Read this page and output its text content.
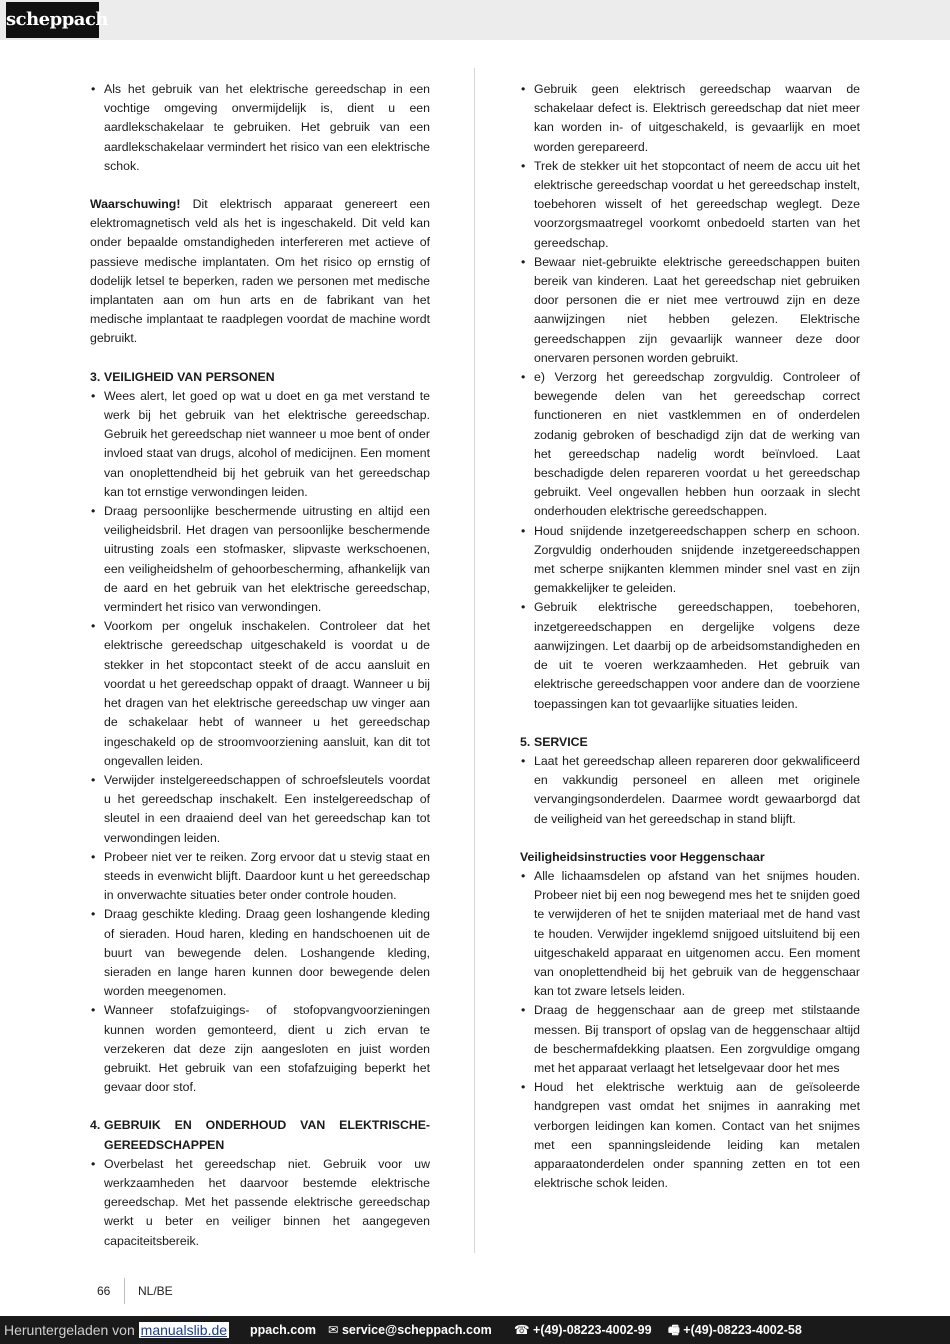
scheppach
• Als het gebruik van het elektrische gereedschap in een vochtige omgeving onvermijdelijk is, dient u een aardlekschakelaar te gebruiken. Het gebruik van een aardlekschakelaar vermindert het risico van een elektrische schok.

Waarschuwing! Dit elektrisch apparaat genereert een elektromagnetisch veld als het is ingeschakeld. Dit veld kan onder bepaalde omstandigheden interfereren met actieve of passieve medische implantaten. Om het risico op ernstig of dodelijk letsel te beperken, raden we personen met medische implantaten aan om hun arts en de fabrikant van het medische implantaat te raadplegen voordat de machine wordt gebruikt.

3. VEILIGHEID VAN PERSONEN

• Wees alert, let goed op wat u doet en ga met verstand te werk bij het gebruik van het elektrische gereedschap. Gebruik het gereedschap niet wanneer u moe bent of onder invloed staat van drugs, alcohol of medicijnen. Een moment van onoplettendheid bij het gebruik van het gereedschap kan tot ernstige verwondingen leiden.
• Draag persoonlijke beschermende uitrusting en altijd een veiligheidsbril. Het dragen van persoonlijke beschermende uitrusting zoals een stofmasker, slipvaste werkschoenen, een veiligheidshelm of gehoorbescherming, afhankelijk van de aard en het gebruik van het elektrische gereedschap, vermindert het risico van verwondingen.
• Voorkom per ongeluk inschakelen. Controleer dat het elektrische gereedschap uitgeschakeld is voordat u de stekker in het stopcontact steekt of de accu aansluit en voordat u het gereedschap oppakt of draagt. Wanneer u bij het dragen van het elektrische gereedschap uw vinger aan de schakelaar hebt of wanneer u het gereedschap ingeschakeld op de stroomvoorziening aansluit, kan dit tot ongevallen leiden.
• Verwijder instelgereedschappen of schroefsleutels voordat u het gereedschap inschakelt. Een instelgereedschap of sleutel in een draaiend deel van het gereedschap kan tot verwondingen leiden.
• Probeer niet ver te reiken. Zorg ervoor dat u stevig staat en steeds in evenwicht blijft. Daardoor kunt u het gereedschap in onverwachte situaties beter onder controle houden.
• Draag geschikte kleding. Draag geen loshangende kleding of sieraden. Houd haren, kleding en handschoenen uit de buurt van bewegende delen. Loshangende kleding, sieraden en lange haren kunnen door bewegende delen worden meegenomen.
• Wanneer stofafzuigings- of stofopvangvoorzieningen kunnen worden gemonteerd, dient u zich ervan te verzekeren dat deze zijn aangesloten en juist worden gebruikt. Het gebruik van een stofafzuiging beperkt het gevaar door stof.

4. GEBRUIK EN ONDERHOUD VAN ELEKTRISCHE-GEREEDSCHAPPEN

• Overbelast het gereedschap niet. Gebruik voor uw werkzaamheden het daarvoor bestemde elektrische gereedschap. Met het passende elektrische gereedschap werkt u beter en veiliger binnen het aangegeven capaciteitsbereik.
• Gebruik geen elektrisch gereedschap waarvan de schakelaar defect is. Elektrisch gereedschap dat niet meer kan worden in- of uitgeschakeld, is gevaarlijk en moet worden gerepareerd.
• Trek de stekker uit het stopcontact of neem de accu uit het elektrische gereedschap voordat u het gereedschap instelt, toebehoren wisselt of het gereedschap weglegt. Deze voorzorgsmaatregel voorkomt onbedoeld starten van het gereedschap.
• Bewaar niet-gebruikte elektrische gereedschappen buiten bereik van kinderen. Laat het gereedschap niet gebruiken door personen die er niet mee vertrouwd zijn en deze aanwijzingen niet hebben gelezen. Elektrische gereedschappen zijn gevaarlijk wanneer deze door onervaren personen worden gebruikt.
• e) Verzorg het gereedschap zorgvuldig. Controleer of bewegende delen van het gereedschap correct functioneren en niet vastklemmen en of onderdelen zodanig gebroken of beschadigd zijn dat de werking van het gereedschap nadelig wordt beïnvloed. Laat beschadigde delen repareren voordat u het gereedschap gebruikt. Veel ongevallen hebben hun oorzaak in slecht onderhouden elektrische gereedschappen.
• Houd snijdende inzetgereedschappen scherp en schoon. Zorgvuldig onderhouden snijdende inzetgereedschappen met scherpe snijkanten klemmen minder snel vast en zijn gemakkelijker te geleiden.
• Gebruik elektrische gereedschappen, toebehoren, inzetgereedschappen en dergelijke volgens deze aanwijzingen. Let daarbij op de arbeidsomstandigheden en de uit te voeren werkzaamheden. Het gebruik van elektrische gereedschappen voor andere dan de voorziene toepassingen kan tot gevaarlijke situaties leiden.

5. SERVICE

• Laat het gereedschap alleen repareren door gekwalificeerd en vakkundig personeel en alleen met originele vervangingsonderdelen. Daarmee wordt gewaarborgd dat de veiligheid van het gereedschap in stand blijft.

Veiligheidsinstructies voor Heggenschaar

• Alle lichaamsdelen op afstand van het snijmes houden. Probeer niet bij een nog bewegend mes het te snijden goed te verwijderen of het te snijden materiaal met de hand vast te houden. Verwijder ingeklemd snijgoed uitsluitend bij een uitgeschakeld apparaat en uitgenomen accu. Een moment van onoplettendheid bij het gebruik van de heggenschaar kan tot zware letsels leiden.
• Draag de heggenschaar aan de greep met stilstaande messen. Bij transport of opslag van de heggenschaar altijd de beschermafdekking plaatsen. Een zorgvuldige omgang met het apparaat verlaagt het letselgevaar door het mes
• Houd het elektrische werktuig aan de geïsoleerde handgrepen vast omdat het snijmes in aanraking met verborgen leidingen kan komen. Contact van het snijmes met een spanningsleidende leiding kan metalen apparaatonderdelen onder spanning zetten en tot een elektrische schok leiden.
66 NL/BE
Heruntergeladen von manualslib.de ppach.com ✉ service@scheppach.com ☎ +(49)-08223-4002-99 🖷 +(49)-08223-4002-58
